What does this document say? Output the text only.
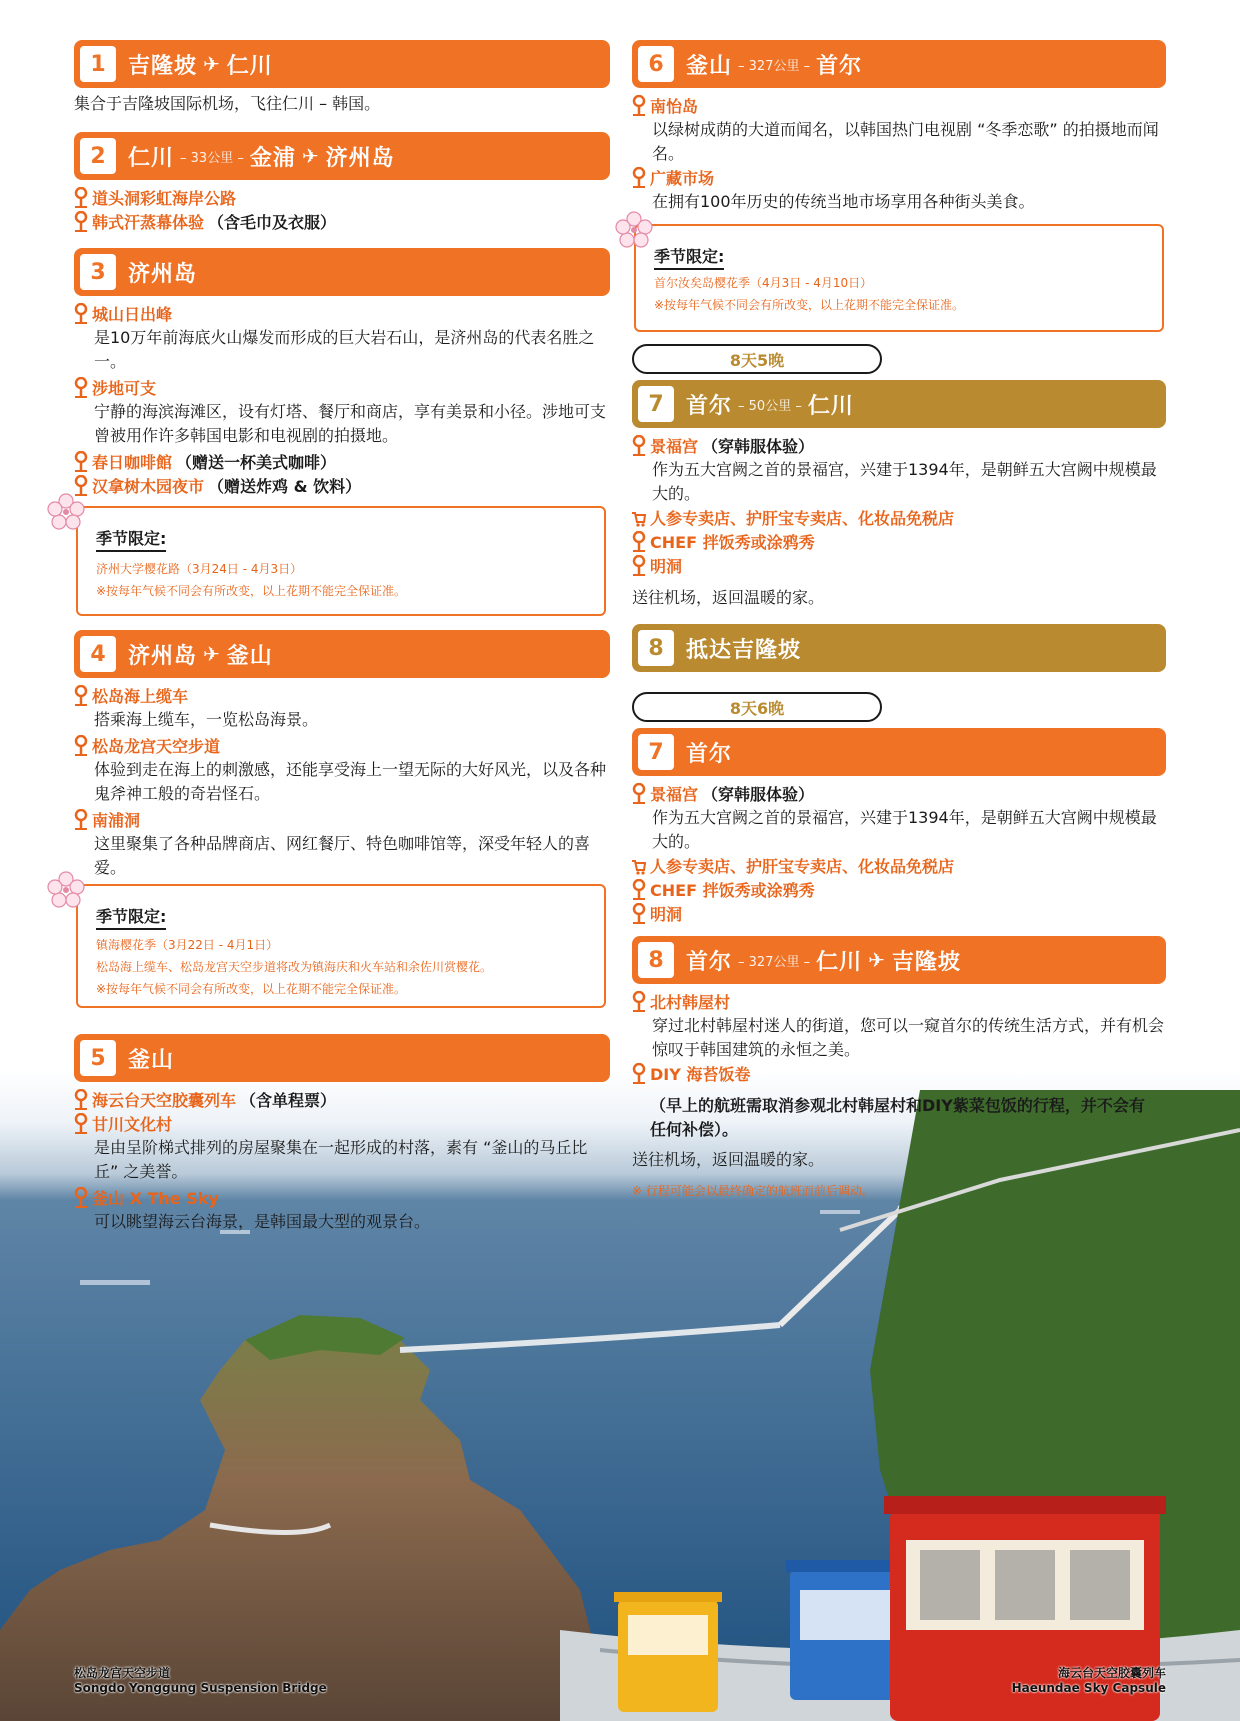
1	吉隆坡 ✈ 仁川
集合于吉隆坡国际机场，飞往仁川 – 韩国。
2	仁川 – 33公里 – 金浦 ✈ 济州岛
道头洞彩虹海岸公路
韩式汗蒸幕体验 （含毛巾及衣服）
3	济州岛
城山日出峰
是10万年前海底火山爆发而形成的巨大岩石山，是济州岛的代表名胜之一。
涉地可支
宁静的海滨海滩区，设有灯塔、餐厅和商店，享有美景和小径。涉地可支曾被用作许多韩国电影和电视剧的拍摄地。
春日咖啡館 （赠送一杯美式咖啡）
汉拿树木园夜市 （赠送炸鸡 & 饮料）
季节限定:
济州大学樱花路（3月24日 - 4月3日）
※按每年气候不同会有所改变，以上花期不能完全保证准。
4	济州岛 ✈ 釜山
松岛海上缆车
搭乘海上缆车，一览松岛海景。
松岛龙宫天空步道
体验到走在海上的刺激感，还能享受海上一望无际的大好风光，以及各种鬼斧神工般的奇岩怪石。
南浦洞
这里聚集了各种品牌商店、网红餐厅、特色咖啡馆等，深受年轻人的喜爱。
季节限定:
镇海樱花季（3月22日 - 4月1日）
松岛海上缆车、松岛龙宫天空步道将改为镇海庆和火车站和余佐川赏樱花。
※按每年气候不同会有所改变，以上花期不能完全保证准。
5	釜山
海云台天空胶囊列车 （含单程票）
甘川文化村
是由呈阶梯式排列的房屋聚集在一起形成的村落，素有 “釜山的马丘比丘” 之美誉。
釜山 X The Sky
可以眺望海云台海景，是韩国最大型的观景台。
6	釜山 – 327公里 – 首尔
南怡岛
以绿树成荫的大道而闻名，以韩国热门电视剧 “冬季恋歌” 的拍摄地而闻名。
广藏市场
在拥有100年历史的传统当地市场享用各种街头美食。
季节限定:
首尔汝矣岛樱花季（4月3日 - 4月10日）
※按每年气候不同会有所改变，以上花期不能完全保证准。
8天5晚
7	首尔 – 50公里 – 仁川
景福宫 （穿韩服体验）
作为五大宫阙之首的景福宫，兴建于1394年，是朝鲜五大宫阙中规模最大的。
人参专卖店、护肝宝专卖店、化妆品免税店
CHEF 拌饭秀或涂鸦秀
明洞
送往机场，返回温暖的家。
8	抵达吉隆坡
8天6晚
7	首尔
景福宫 （穿韩服体验）
作为五大宫阙之首的景福宫，兴建于1394年，是朝鲜五大宫阙中规模最大的。
人参专卖店、护肝宝专卖店、化妆品免税店
CHEF 拌饭秀或涂鸦秀
明洞
8	首尔 – 327公里 – 仁川 ✈ 吉隆坡
北村韩屋村
穿过北村韩屋村迷人的街道，您可以一窥首尔的传统生活方式，并有机会惊叹于韩国建筑的永恒之美。
DIY 海苔饭卷
（早上的航班需取消参观北村韩屋村和DIY紫菜包饭的行程，并不会有任何补偿）。
送往机场，返回温暖的家。
※ 行程可能会以最终确定的航班而前后调动。
松岛龙宫天空步道
Songdo Yonggung Suspension Bridge
海云台天空胶囊列车
Haeundae Sky Capsule
